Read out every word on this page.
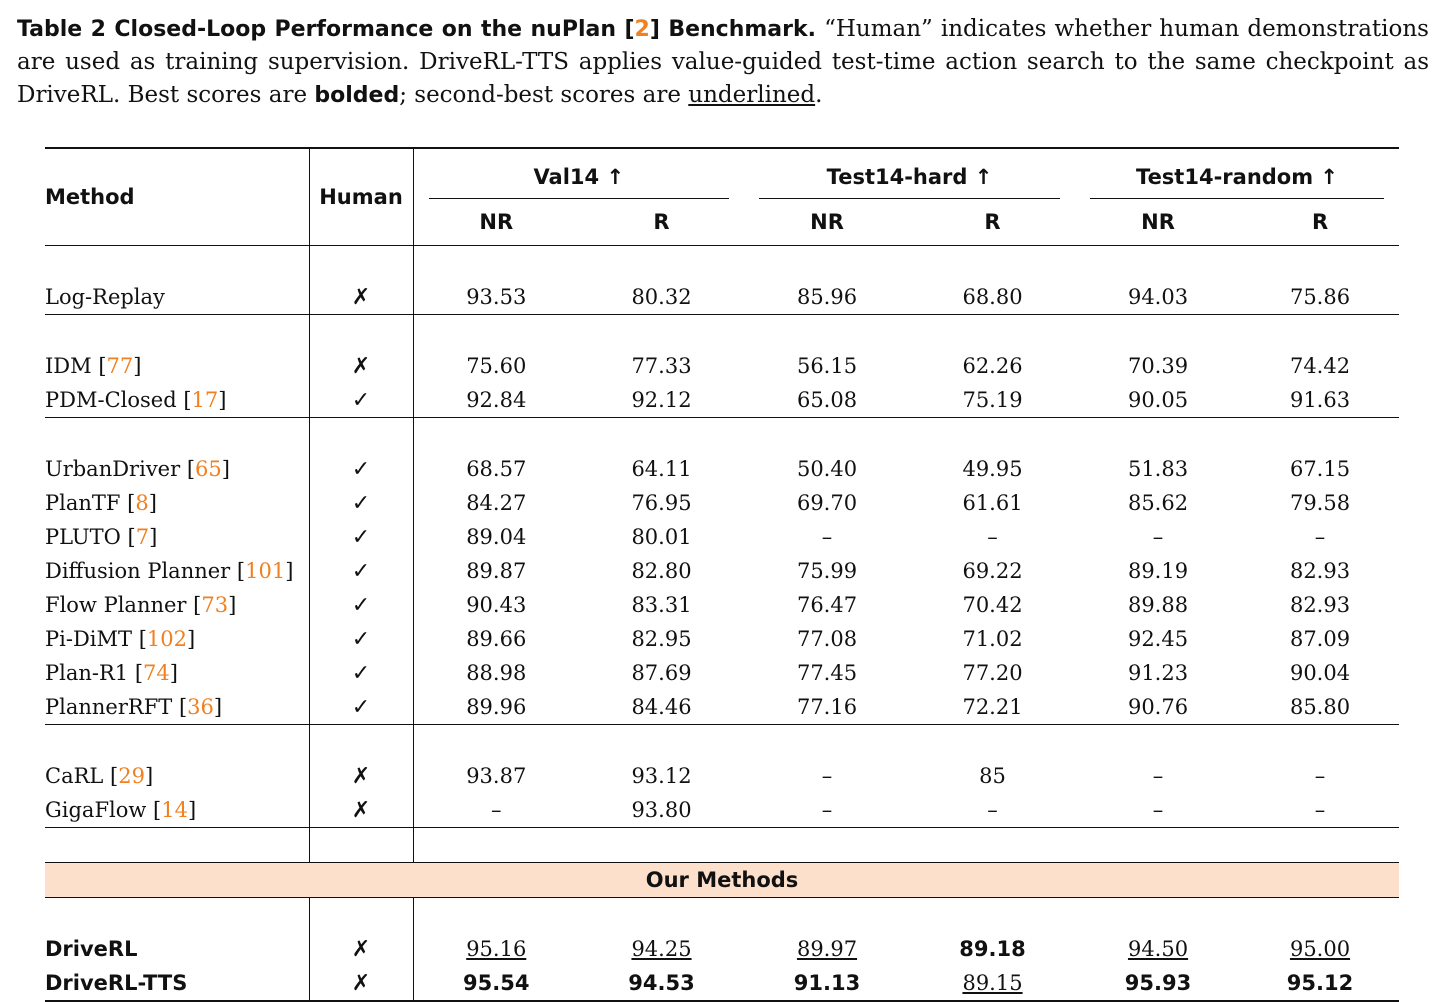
Table 2 Closed-Loop Performance on the nuPlan [2] Benchmark. “Human” indicates whether human demonstrations are used as training supervision. DriveRL-TTS applies value-guided test-time action search to the same checkpoint as DriveRL. Best scores are bolded; second-best scores are underlined.
Method	Human	Val14 ↑		Test14-hard ↑		Test14-random ↑	

		NR	R	NR	R	NR	R

Log-Replay	✗	93.53	80.32	85.96	68.80	94.03	75.86

IDM [77]	✗	75.60	77.33	56.15	62.26	70.39	74.42
PDM-Closed [17]	✓	92.84	92.12	65.08	75.19	90.05	91.63

UrbanDriver [65]	✓	68.57	64.11	50.40	49.95	51.83	67.15
PlanTF [8]	✓	84.27	76.95	69.70	61.61	85.62	79.58
PLUTO [7]	✓	89.04	80.01	–	–	–	–
Diffusion Planner [101]	✓	89.87	82.80	75.99	69.22	89.19	82.93
Flow Planner [73]	✓	90.43	83.31	76.47	70.42	89.88	82.93
Pi-DiMT [102]	✓	89.66	82.95	77.08	71.02	92.45	87.09
Plan-R1 [74]	✓	88.98	87.69	77.45	77.20	91.23	90.04
PlannerRFT [36]	✓	89.96	84.46	77.16	72.21	90.76	85.80

CaRL [29]	✗	93.87	93.12	–	85	–	–
GigaFlow [14]	✗	–	93.80	–	–	–	–

Our Methods							

DriveRL	✗	95.16	94.25	89.97	89.18	94.50	95.00
DriveRL-TTS	✗	95.54	94.53	91.13	89.15	95.93	95.12
